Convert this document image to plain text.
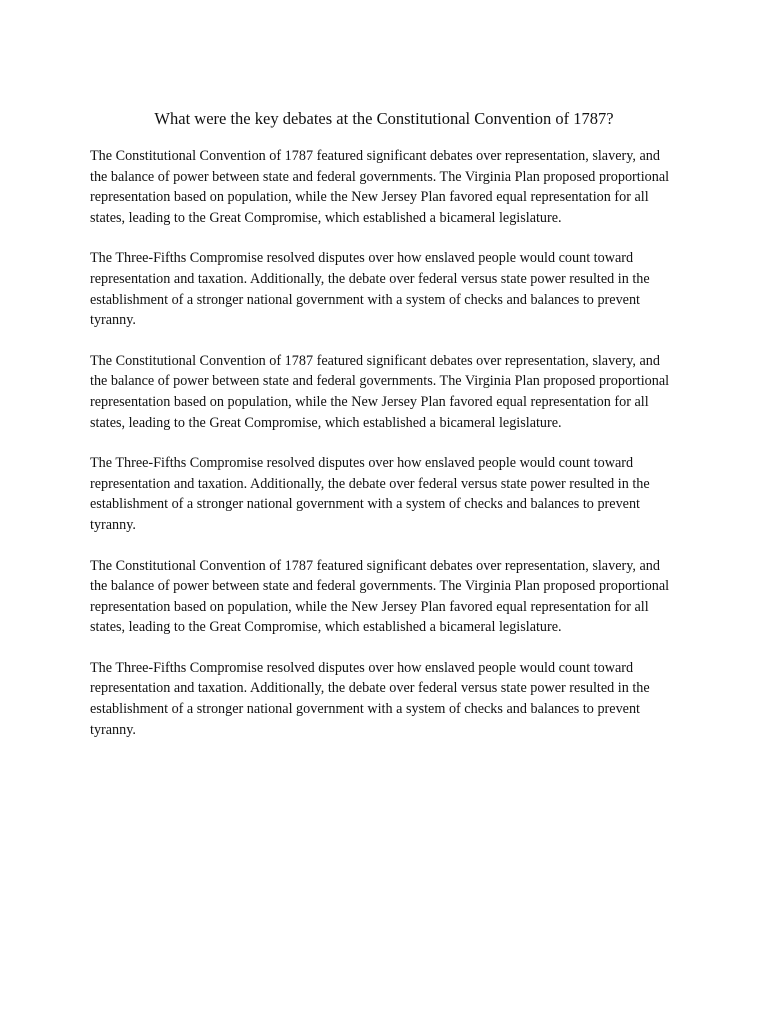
What were the key debates at the Constitutional Convention of 1787?

The Constitutional Convention of 1787 featured significant debates over representation, slavery, and the balance of power between state and federal governments. The Virginia Plan proposed proportional representation based on population, while the New Jersey Plan favored equal representation for all states, leading to the Great Compromise, which established a bicameral legislature.

The Three-Fifths Compromise resolved disputes over how enslaved people would count toward representation and taxation. Additionally, the debate over federal versus state power resulted in the establishment of a stronger national government with a system of checks and balances to prevent tyranny.

The Constitutional Convention of 1787 featured significant debates over representation, slavery, and the balance of power between state and federal governments. The Virginia Plan proposed proportional representation based on population, while the New Jersey Plan favored equal representation for all states, leading to the Great Compromise, which established a bicameral legislature.

The Three-Fifths Compromise resolved disputes over how enslaved people would count toward representation and taxation. Additionally, the debate over federal versus state power resulted in the establishment of a stronger national government with a system of checks and balances to prevent tyranny.

The Constitutional Convention of 1787 featured significant debates over representation, slavery, and the balance of power between state and federal governments. The Virginia Plan proposed proportional representation based on population, while the New Jersey Plan favored equal representation for all states, leading to the Great Compromise, which established a bicameral legislature.

The Three-Fifths Compromise resolved disputes over how enslaved people would count toward representation and taxation. Additionally, the debate over federal versus state power resulted in the establishment of a stronger national government with a system of checks and balances to prevent tyranny.
